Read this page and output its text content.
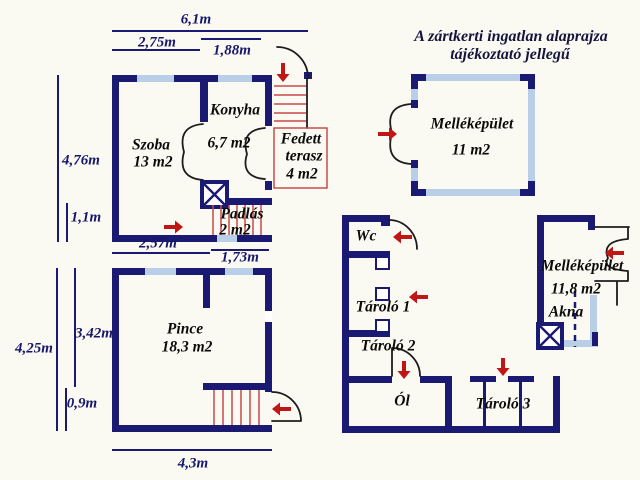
A zártkerti ingatlan alaprajza
tájékoztató jellegű
6,1m
2,75m 1,88m
4,76m
1,1m
2,57m
1,73m
4,25m
3,42m
0,9m
4,3m
Szoba
13 m2
Konyha
6,7 m2 Fedett
terasz
4 m2
Padlás
2 m2
Pince
18,3 m2
Melléképület
11 m2
Wc
Tároló 1
Tároló 2
Ól	Tároló 3
Melléképület
11,8 m2
Akna
